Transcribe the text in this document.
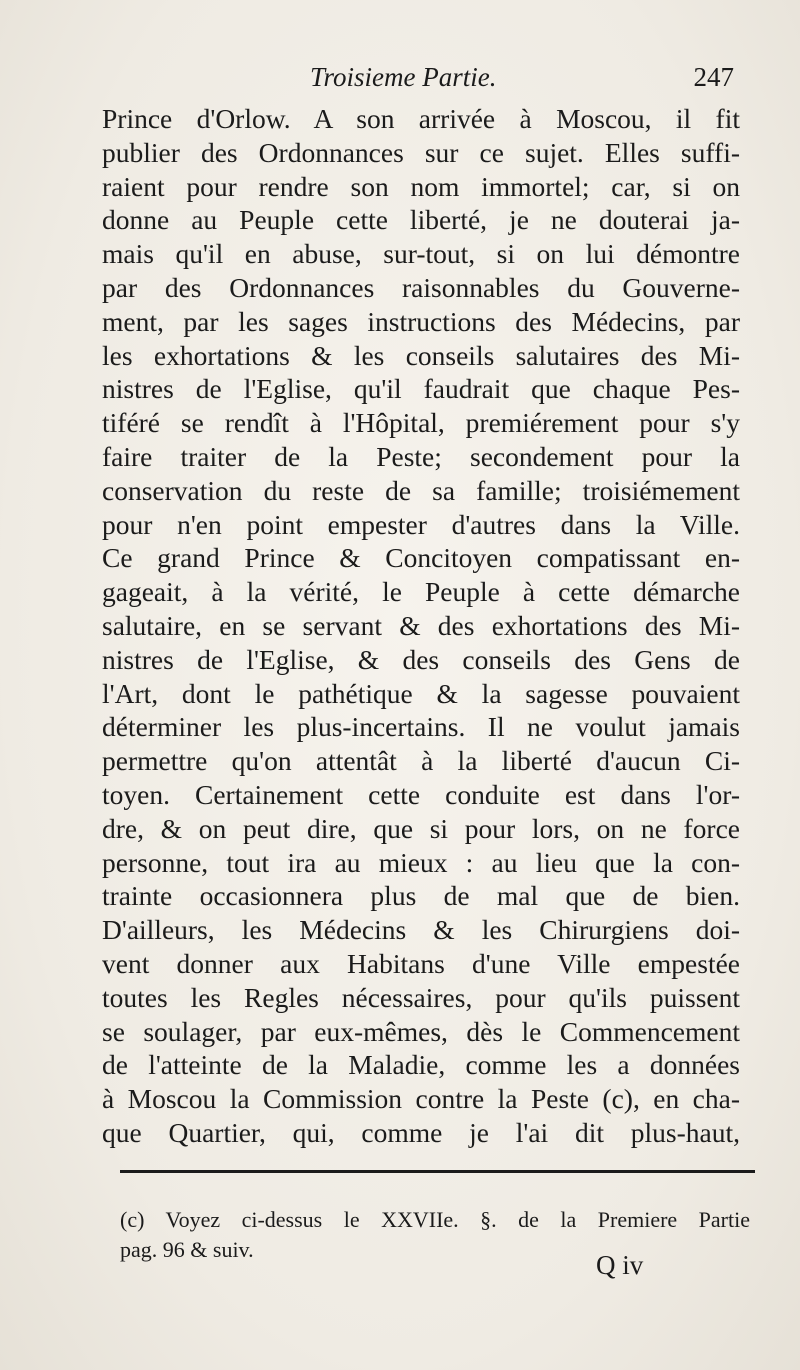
Troisieme Partie.	247
Prince d'Orlow. A son arrivée à Moscou, il fit
publier des Ordonnances sur ce sujet. Elles suffi-
raient pour rendre son nom immortel; car, si on
donne au Peuple cette liberté, je ne douterai ja-
mais qu'il en abuse, sur-tout, si on lui démontre
par des Ordonnances raisonnables du Gouverne-
ment, par les sages instructions des Médecins, par
les exhortations & les conseils salutaires des Mi-
nistres de l'Eglise, qu'il faudrait que chaque Pes-
tiféré se rendît à l'Hôpital, premiérement pour s'y
faire traiter de la Peste; secondement pour la
conservation du reste de sa famille; troisiémement
pour n'en point empester d'autres dans la Ville.
Ce grand Prince & Concitoyen compatissant en-
gageait, à la vérité, le Peuple à cette démarche
salutaire, en se servant & des exhortations des Mi-
nistres de l'Eglise, & des conseils des Gens de
l'Art, dont le pathétique & la sagesse pouvaient
déterminer les plus-incertains. Il ne voulut jamais
permettre qu'on attentât à la liberté d'aucun Ci-
toyen. Certainement cette conduite est dans l'or-
dre, & on peut dire, que si pour lors, on ne force
personne, tout ira au mieux : au lieu que la con-
trainte occasionnera plus de mal que de bien.
D'ailleurs, les Médecins & les Chirurgiens doi-
vent donner aux Habitans d'une Ville empestée
toutes les Regles nécessaires, pour qu'ils puissent
se soulager, par eux-mêmes, dès le Commencement
de l'atteinte de la Maladie, comme les a données
à Moscou la Commission contre la Peste (c), en cha-
que Quartier, qui, comme je l'ai dit plus-haut,
(c) Voyez ci-dessus le XXVIIe. §. de la Premiere Partie
pag. 96 & suiv.
Q iv
